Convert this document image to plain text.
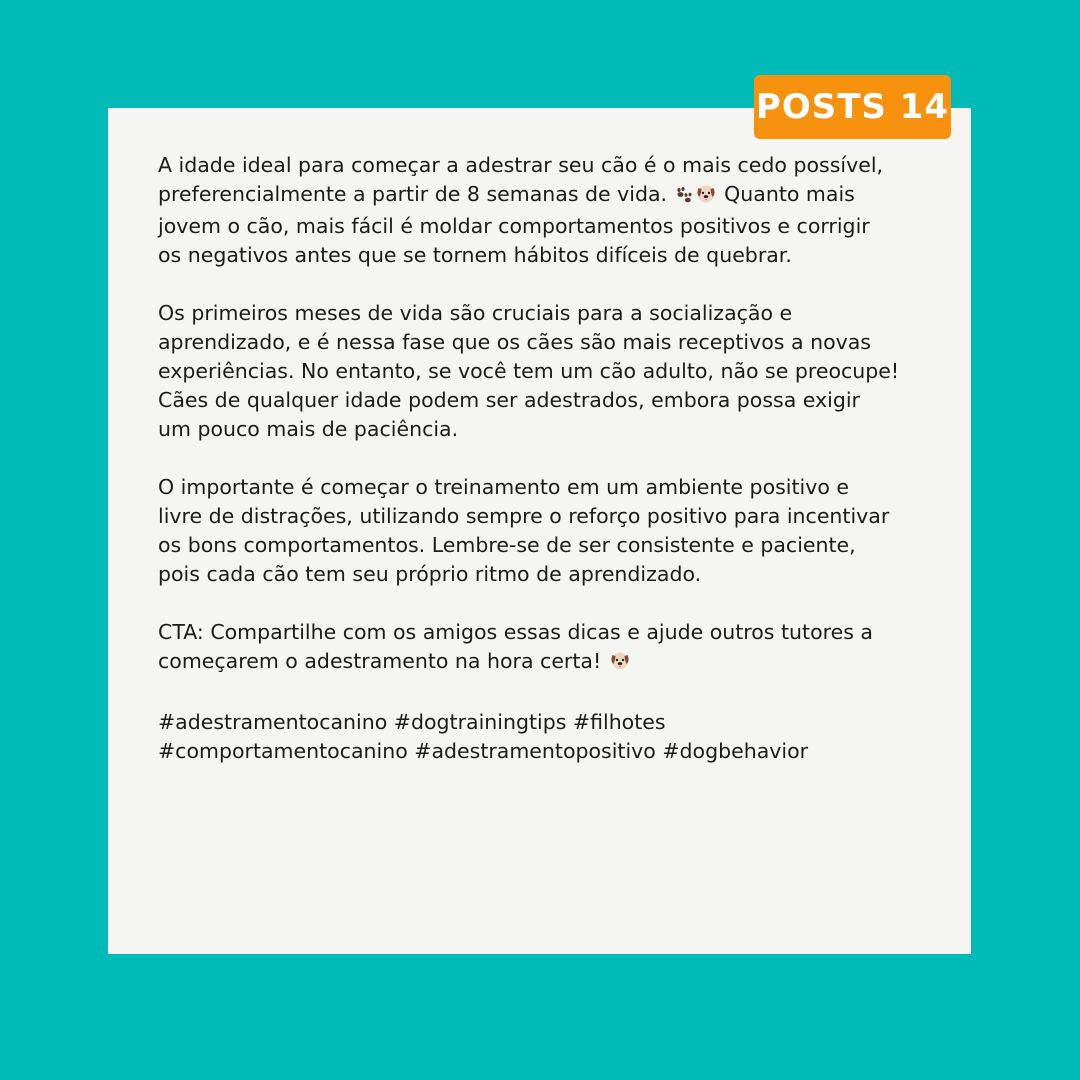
A idade ideal para começar a adestrar seu cão é o mais cedo possível,
preferencialmente a partir de 8 semanas de vida.	Quanto mais
jovem o cão, mais fácil é moldar comportamentos positivos e corrigir
os negativos antes que se tornem hábitos difíceis de quebrar.

Os primeiros meses de vida são cruciais para a socialização e
aprendizado, e é nessa fase que os cães são mais receptivos a novas
experiências. No entanto, se você tem um cão adulto, não se preocupe!
Cães de qualquer idade podem ser adestrados, embora possa exigir
um pouco mais de paciência.

O importante é começar o treinamento em um ambiente positivo e
livre de distrações, utilizando sempre o reforço positivo para incentivar
os bons comportamentos. Lembre-se de ser consistente e paciente,
pois cada cão tem seu próprio ritmo de aprendizado.

CTA: Compartilhe com os amigos essas dicas e ajude outros tutores a
começarem o adestramento na hora certa!

#adestramentocanino #dogtrainingtips #filhotes
#comportamentocanino #adestramentopositivo #dogbehavior

POSTS 14
